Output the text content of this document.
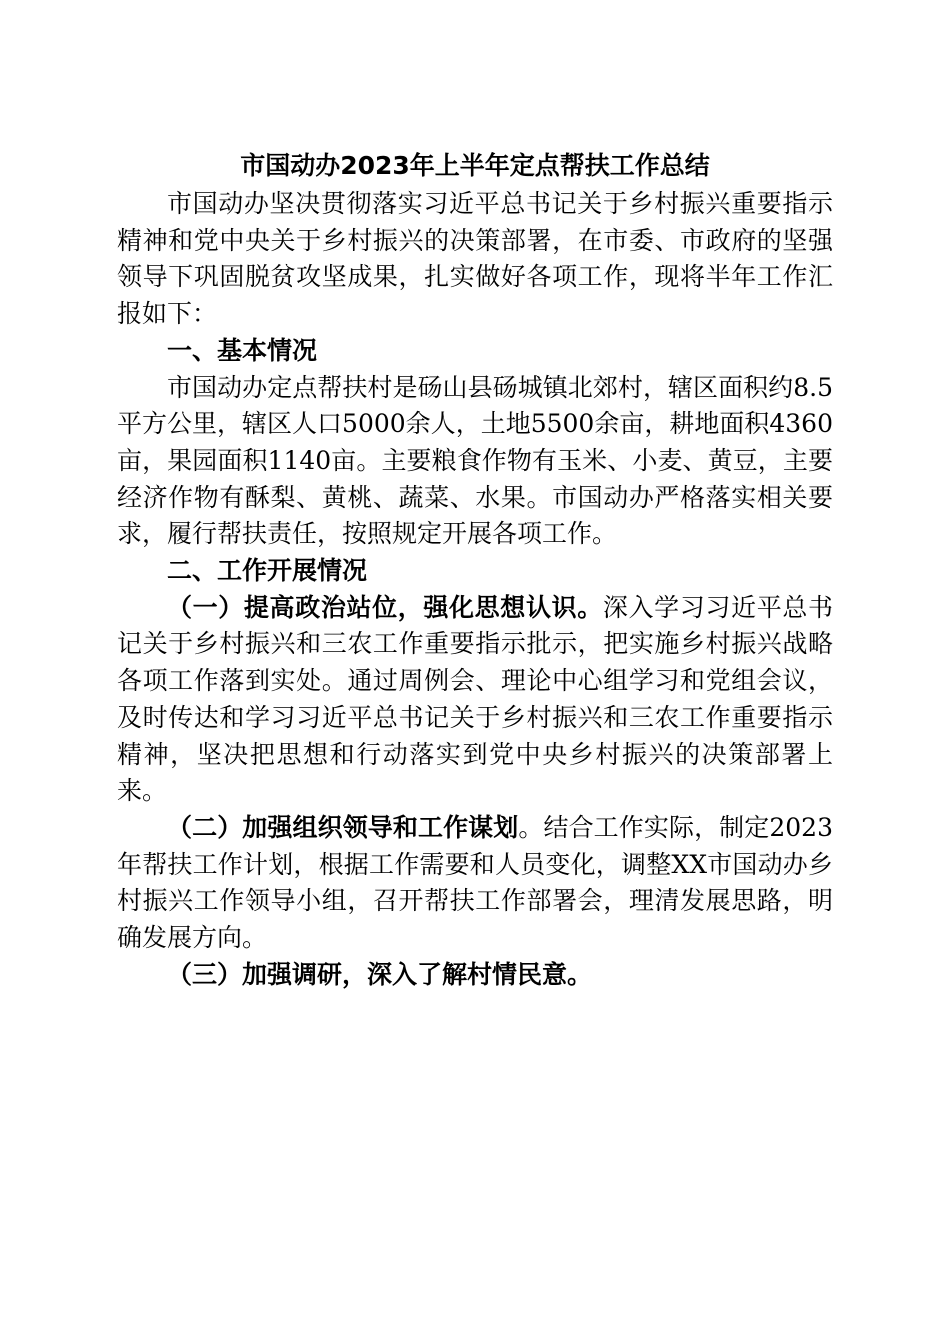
市国动办2023年上半年定点帮扶工作总结

市国动办坚决贯彻落实习近平总书记关于乡村振兴重要指示精神和党中央关于乡村振兴的决策部署，在市委、市政府的坚强领导下巩固脱贫攻坚成果，扎实做好各项工作，现将半年工作汇报如下：

一、基本情况

市国动办定点帮扶村是砀山县砀城镇北郊村，辖区面积约8.5平方公里，辖区人口5000余人，土地5500余亩，耕地面积4360亩，果园面积1140亩。主要粮食作物有玉米、小麦、黄豆，主要经济作物有酥梨、黄桃、蔬菜、水果。市国动办严格落实相关要求，履行帮扶责任，按照规定开展各项工作。

二、工作开展情况

（一）提高政治站位，强化思想认识。深入学习习近平总书记关于乡村振兴和三农工作重要指示批示，把实施乡村振兴战略各项工作落到实处。通过周例会、理论中心组学习和党组会议，及时传达和学习习近平总书记关于乡村振兴和三农工作重要指示精神，坚决把思想和行动落实到党中央乡村振兴的决策部署上来。

（二）加强组织领导和工作谋划。结合工作实际，制定2023年帮扶工作计划，根据工作需要和人员变化，调整XX市国动办乡村振兴工作领导小组，召开帮扶工作部署会，理清发展思路，明确发展方向。

（三）加强调研，深入了解村情民意。
